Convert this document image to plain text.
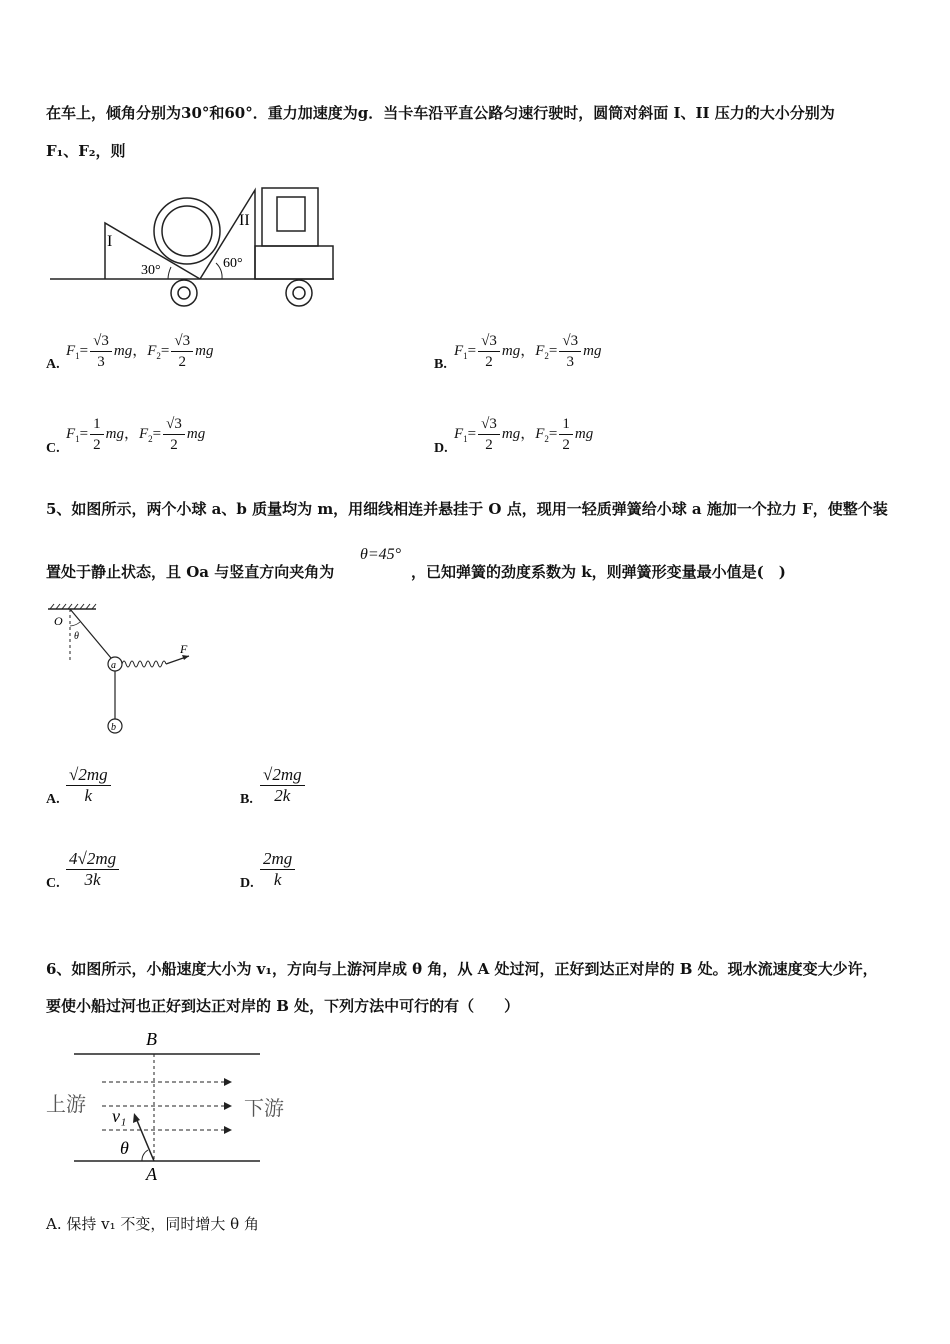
在车上，倾角分别为30°和60°．重力加速度为g．当卡车沿平直公路匀速行驶时，圆筒对斜面 I、II 压力的大小分别为
F₁、F₂，则
I
II
30°	60°
A.
$F_1= \frac{√3}{3}$ mg，$F_2= \frac{√3}{2}$ mg
B.
$F_1= \frac{√3}{2}$ mg，$F_2= \frac{√3}{3}$ mg
C.
$F_1= \frac{1}{2}$ mg，$F_2= \frac{√3}{2}$ mg
D.
$F_1= \frac{√3}{2}$ mg，$F_2= \frac{1}{2}$ mg
5、如图所示，两个小球 a、b 质量均为 m，用细线相连并悬挂于 O 点，现用一轻质弹簧给小球 a 施加一个拉力 F，使整个装
置处于静止状态，且 Oa 与竖直方向夹角为
θ=45°
，已知弹簧的劲度系数为 k，则弹簧形变量最小值是(　)
O
θ
a
b
F
A. $\frac{√2mg}{k}$	B. $\frac{√2mg}{2k}$
C. $\frac{4√2mg}{3k}$	D. $\frac{2mg}{k}$
6、如图所示，小船速度大小为 v₁，方向与上游河岸成 θ 角，从 A 处过河，正好到达正对岸的 B 处。现水流速度变大少许，
要使小船过河也正好到达正对岸的 B 处，下列方法中可行的有（　　）
B
A
上游	下游
v₁
θ
A. 保持 v₁ 不变，同时增大 θ 角
